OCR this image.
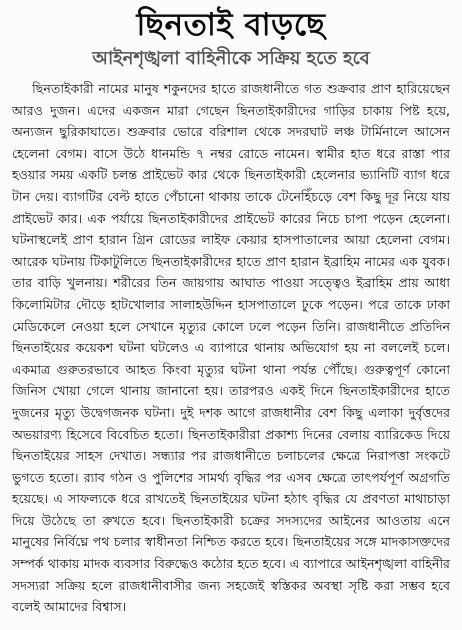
ছিনতাই বাড়ছে
আইনশৃঙ্খলা বাহিনীকে সক্রিয় হতে হবে

ছিনতাইকারী নামের মানুষ শকুনদের হাতে রাজধানীতে গত শুক্রবার প্রাণ হারিয়েছেন আরও দুজন। এদের একজন মারা গেছেন ছিনতাইকারীদের গাড়ির চাকায় পিষ্ট হয়ে, অন্যজন ছুরিকাঘাতে। শুক্রবার ভোরে বরিশাল থেকে সদরঘাট লঞ্চ টার্মিনালে আসেন হেলেনা বেগম। বাসে উঠে ধানমন্ডি ৭ নম্বর রোডে নামেন। স্বামীর হাত ধরে রাস্তা পার হওয়ার সময় একটি চলন্ত প্রাইভেট কার থেকে ছিনতাইকারী হেলেনার ভ্যানিটি ব্যাগ ধরে টান দেয়। ব্যাগটির বেল্ট হাতে পেঁচানো থাকায় তাকে টেনেহিঁচড়ে বেশ কিছু দূর নিয়ে যায় প্রাইভেট কার। এক পর্যায়ে ছিনতাইকারীদের প্রাইভেট কারের নিচে চাপা পড়েন হেলেনা। ঘটনাস্থলেই প্রাণ হারান গ্রিন রোডের লাইফ কেয়ার হাসপাতালের আয়া হেলেনা বেগম। আরেক ঘটনায় টিকাটুলিতে ছিনতাইকারীদের হাতে প্রাণ হারান ইব্রাহিম নামের এক যুবক। তার বাড়ি খুলনায়। শরীরের তিন জায়গায় আঘাত পাওয়া সত্ত্বেও ইব্রাহিম প্রায় আধা কিলোমিটার দৌড়ে হাটখোলার সালাহউদ্দিন হাসপাতালে ঢুকে পড়েন। পরে তাকে ঢাকা মেডিকেলে নেওয়া হলে সেখানে মৃত্যুর কোলে ঢলে পড়েন তিনি। রাজধানীতে প্রতিদিন ছিনতাইয়ের কয়েকশ ঘটনা ঘটলেও এ ব্যাপারে থানায় অভিযোগ হয় না বললেই চলে। একমাত্র গুরুতরভাবে আহত কিংবা মৃত্যুর ঘটনা থানা পর্যন্ত পৌঁছে। গুরুত্বপূর্ণ কোনো জিনিস খোয়া গেলে থানায় জানানো হয়। তারপরও একই দিনে ছিনতাইকারীদের হাতে দুজনের মৃত্যু উদ্বেগজনক ঘটনা। দুই দশক আগে রাজধানীর বেশ কিছু এলাকা দুর্বৃত্তদের অভয়ারণ্য হিসেবে বিবেচিত হতো। ছিনতাইকারীরা প্রকাশ্য দিনের বেলায় ব্যারিকেড দিয়ে ছিনতাইয়ের সাহস দেখাত। সন্ধ্যার পর রাজধানীতে চলাচলের ক্ষেত্রে নিরাপত্তা সংকটে ভুগতে হতো। র‍্যাব গঠন ও পুলিশের সামর্থ্য বৃদ্ধির পর এসব ক্ষেত্রে তাৎপর্যপূর্ণ অগ্রগতি হয়েছে। এ সাফল্যকে ধরে রাখতেই ছিনতাইয়ের ঘটনা হঠাৎ বৃদ্ধির যে প্রবণতা মাথাচাড়া দিয়ে উঠেছে তা রুখতে হবে। ছিনতাইকারী চক্রের সদস্যদের আইনের আওতায় এনে মানুষের নির্বিঘ্নে পথ চলার স্বাধীনতা নিশ্চিত করতে হবে। ছিনতাইয়ের সঙ্গে মাদকাসক্তদের সম্পর্ক থাকায় মাদক ব্যবসার বিরুদ্ধেও কঠোর হতে হবে। এ ব্যাপারে আইনশৃঙ্খলা বাহিনীর সদস্যরা সক্রিয় হলে রাজধানীবাসীর জন্য সহজেই স্বস্তিকর অবস্থা সৃষ্টি করা সম্ভব হবে বলেই আমাদের বিশ্বাস।
